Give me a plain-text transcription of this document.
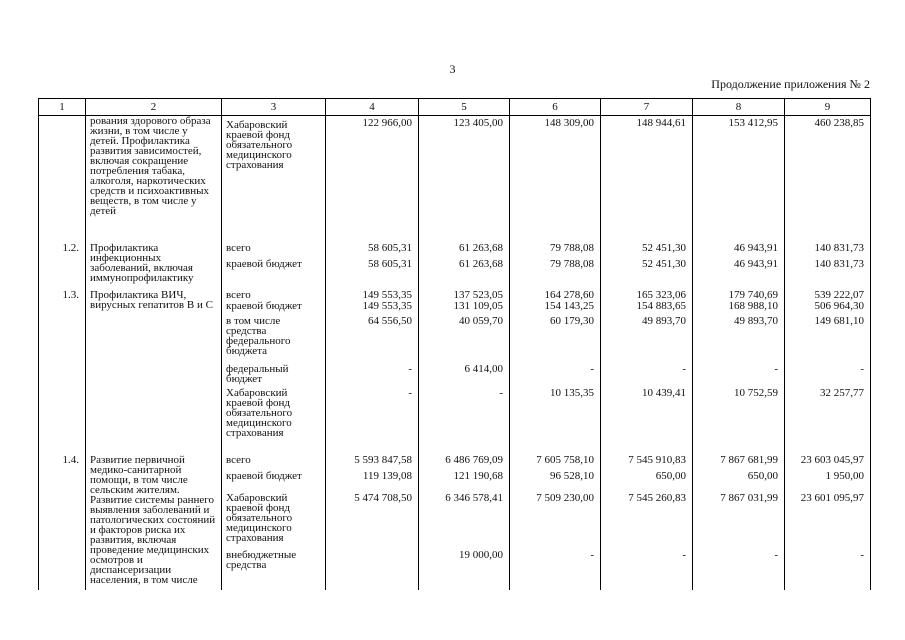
3
Продолжение приложения № 2
1	2	3	4	5	6	7	8	9
	рования здорового образа жизни, в том числе у детей. Профилактика развития зависимостей, включая сокращение потребления табака, алкоголя, наркотических средств и психоактивных веществ, в том числе у детей	Хабаровский краевой фонд обязательного медицинского страхования	122 966,00	123 405,00	148 309,00	148 944,61	153 412,95	460 238,85
1.2.	Профилактика инфекционных заболеваний, включая иммунопрофилактику	всего	58 605,31	61 263,68	79 788,08	52 451,30	46 943,91	140 831,73
		краевой бюджет	58 605,31	61 263,68	79 788,08	52 451,30	46 943,91	140 831,73
1.3.	Профилактика ВИЧ, вирусных гепатитов В и С	всего	149 553,35	137 523,05	164 278,60	165 323,06	179 740,69	539 222,07
		краевой бюджет	149 553,35	131 109,05	154 143,25	154 883,65	168 988,10	506 964,30
		в том числе средства федерального бюджета	64 556,50	40 059,70	60 179,30	49 893,70	49 893,70	149 681,10
		федеральный бюджет	-	6 414,00	-	-	-	-
		Хабаровский краевой фонд обязательного медицинского страхования	-	-	10 135,35	10 439,41	10 752,59	32 257,77
1.4.	Развитие первичной медико-санитарной помощи, в том числе сельским жителям. Развитие системы раннего выявления заболеваний и патологических состояний и факторов риска их развития, включая проведение медицинских осмотров и диспансеризации населения, в том числе	всего	5 593 847,58	6 486 769,09	7 605 758,10	7 545 910,83	7 867 681,99	23 603 045,97
		краевой бюджет	119 139,08	121 190,68	96 528,10	650,00	650,00	1 950,00
		Хабаровский краевой фонд обязательного медицинского страхования	5 474 708,50	6 346 578,41	7 509 230,00	7 545 260,83	7 867 031,99	23 601 095,97
		внебюджетные средства		19 000,00	-	-	-	-
